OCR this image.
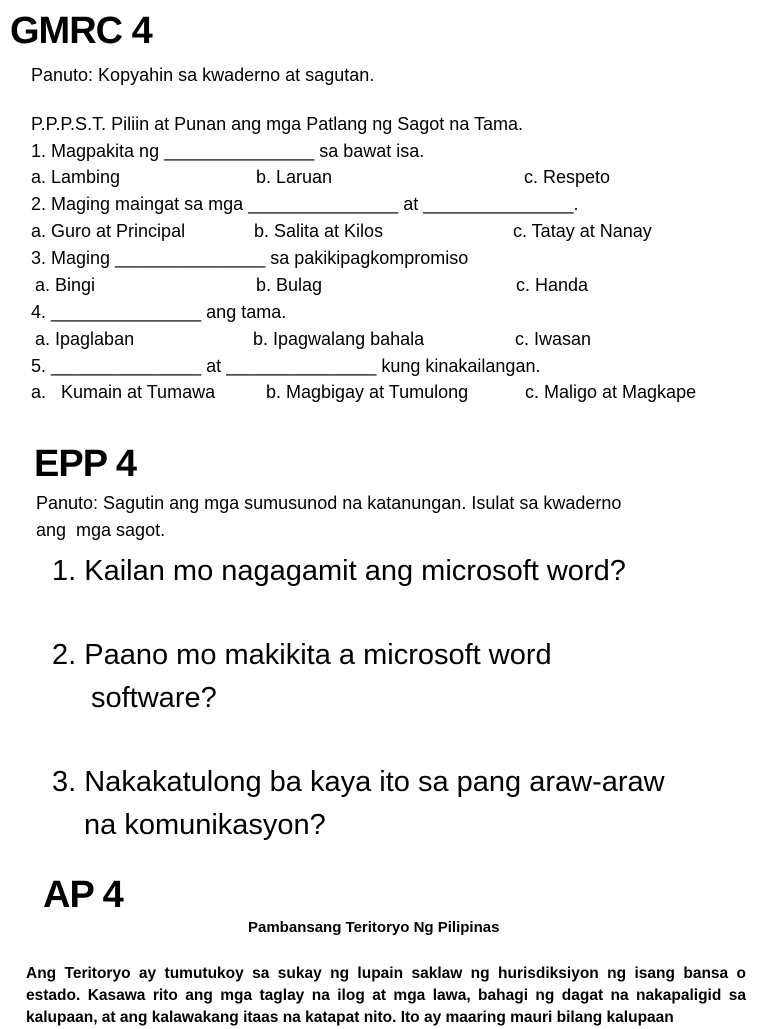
GMRC 4
Panuto: Kopyahin sa kwaderno at sagutan.
P.P.P.S.T. Piliin at Punan ang mga Patlang ng Sagot na Tama.
1. Magpakita ng _______________ sa bawat isa.
a. Lambing	b. Laruan	c. Respeto
2. Maging maingat sa mga _______________ at _______________.
a. Guro at Principal	b. Salita at Kilos	c. Tatay at Nanay
3. Maging _______________ sa pakikipagkompromiso
a. Bingi	b. Bulag	c. Handa
4. _______________ ang tama.
a. Ipaglaban	b. Ipagwalang bahala	c. Iwasan
5. _______________ at _______________ kung kinakailangan.
a.   Kumain at Tumawa	b. Magbigay at Tumulong	c. Maligo at Magkape
EPP 4
Panuto: Sagutin ang mga sumusunod na katanungan. Isulat sa kwaderno
ang  mga sagot.
1. Kailan mo nagagamit ang microsoft word?
2. Paano mo makikita a microsoft word
software?
3. Nakakatulong ba kaya ito sa pang araw-araw
na komunikasyon?
AP 4
Pambansang Teritoryo Ng Pilipinas
Ang Teritoryo ay tumutukoy sa sukay ng lupain saklaw ng hurisdiksiyon ng isang bansa o estado. Kasawa rito ang mga taglay na ilog at mga lawa, bahagi ng dagat na nakapaligid sa kalupaan, at ang kalawakang itaas na katapat nito. Ito ay maaring mauri bilang kalupaan
